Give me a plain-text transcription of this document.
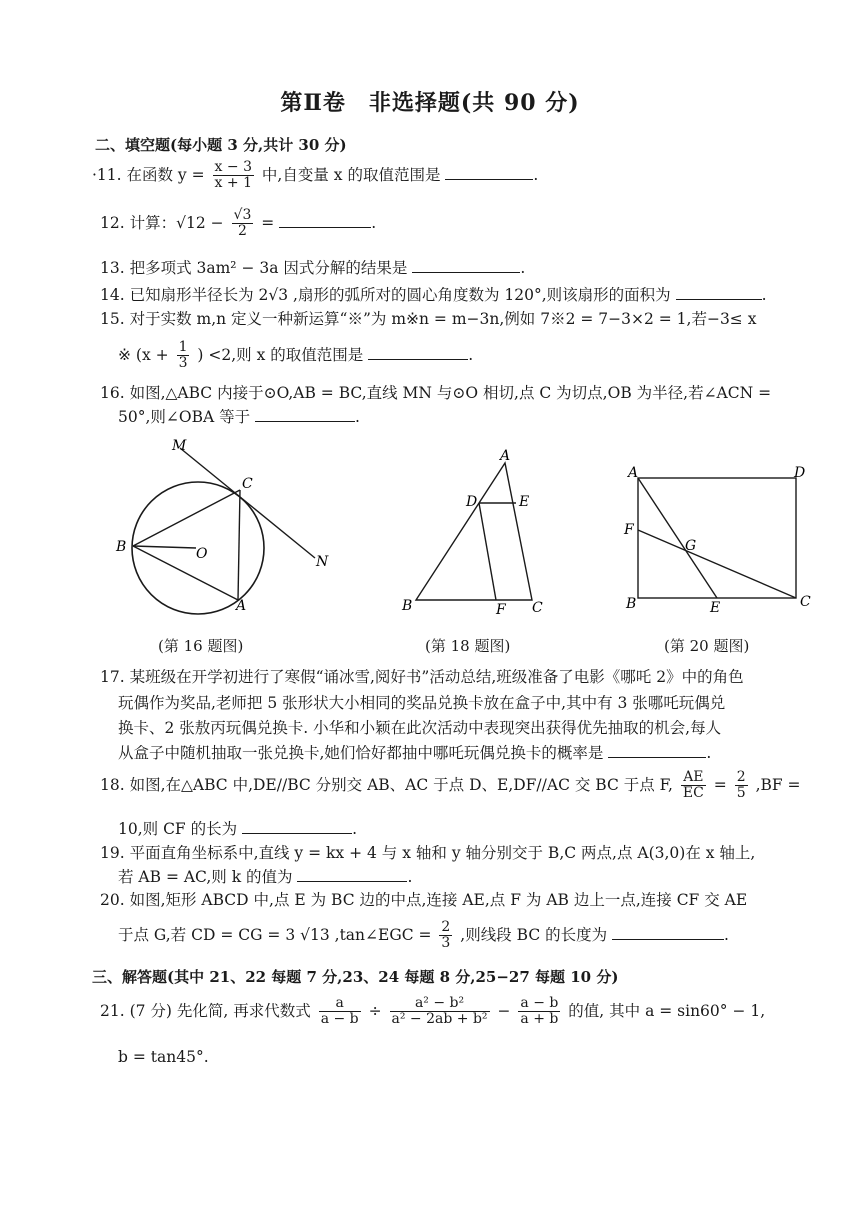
第Ⅱ卷　非选择题(共 90 分)
二、填空题(每小题 3 分,共计 30 分)
·11. 在函数 $y = \frac{x - 3}{x + 1}$ 中,自变量 x 的取值范围是	.
12. 计算：$√12 - \frac{√3}{2}$ =	.
13. 把多项式 3am² − 3a 因式分解的结果是	.
14. 已知扇形半径长为 2√3 ,扇形的弧所对的圆心角度数为 120°,则该扇形的面积为	.
15. 对于实数 m,n 定义一种新运算“※”为 m※n = m−3n,例如 7※2 = 7−3×2 = 1,若−3≤ x
※ ($x + \frac{1}{3}$ ) <2,则 x 的取值范围是	.
16. 如图,△ABC 内接于⊙O,AB = BC,直线 MN 与⊙O 相切,点 C 为切点,OB 为半径,若∠ACN =
50°,则∠OBA 等于	.
M
C
B	O	N
A
A
D	E
B	F C
A	D
F
G
B	E	C
(第 16 题图)	(第 18 题图)	(第 20 题图)
17. 某班级在开学初进行了寒假“诵冰雪,阅好书”活动总结,班级准备了电影《哪吒 2》中的角色
玩偶作为奖品,老师把 5 张形状大小相同的奖品兑换卡放在盒子中,其中有 3 张哪吒玩偶兑
换卡、2 张敖丙玩偶兑换卡. 小华和小颖在此次活动中表现突出获得优先抽取的机会,每人
从盒子中随机抽取一张兑换卡,她们恰好都抽中哪吒玩偶兑换卡的概率是	.
18. 如图,在△ABC 中,DE//BC 分别交 AB、AC 于点 D、E,DF//AC 交 BC 于点 F, $\frac{AE}{EC} = \frac{2}{5} ,BF$ =
10,则 CF 的长为	.
19. 平面直角坐标系中,直线 y = kx + 4 与 x 轴和 y 轴分别交于 B,C 两点,点 A(3,0)在 x 轴上,
若 AB = AC,则 k 的值为	.
20. 如图,矩形 ABCD 中,点 E 为 BC 边的中点,连接 AE,点 F 为 AB 边上一点,连接 CF 交 AE
于点 G,若 CD = CG = 3 √13 ,tan∠EGC = $\frac{2}{3}$ ,则线段 BC 的长度为	.
三、解答题(其中 21、22 每题 7 分,23、24 每题 8 分,25−27 每题 10 分)
21. (7 分) 先化简, 再求代数式 $\frac{a}{a - b} \div \frac{\text{a² − b²}}{\text{a² − 2ab + b²}} - \frac{a - b}{a + b}$ 的值, 其中 a = sin60° − 1,
b = tan45°.
